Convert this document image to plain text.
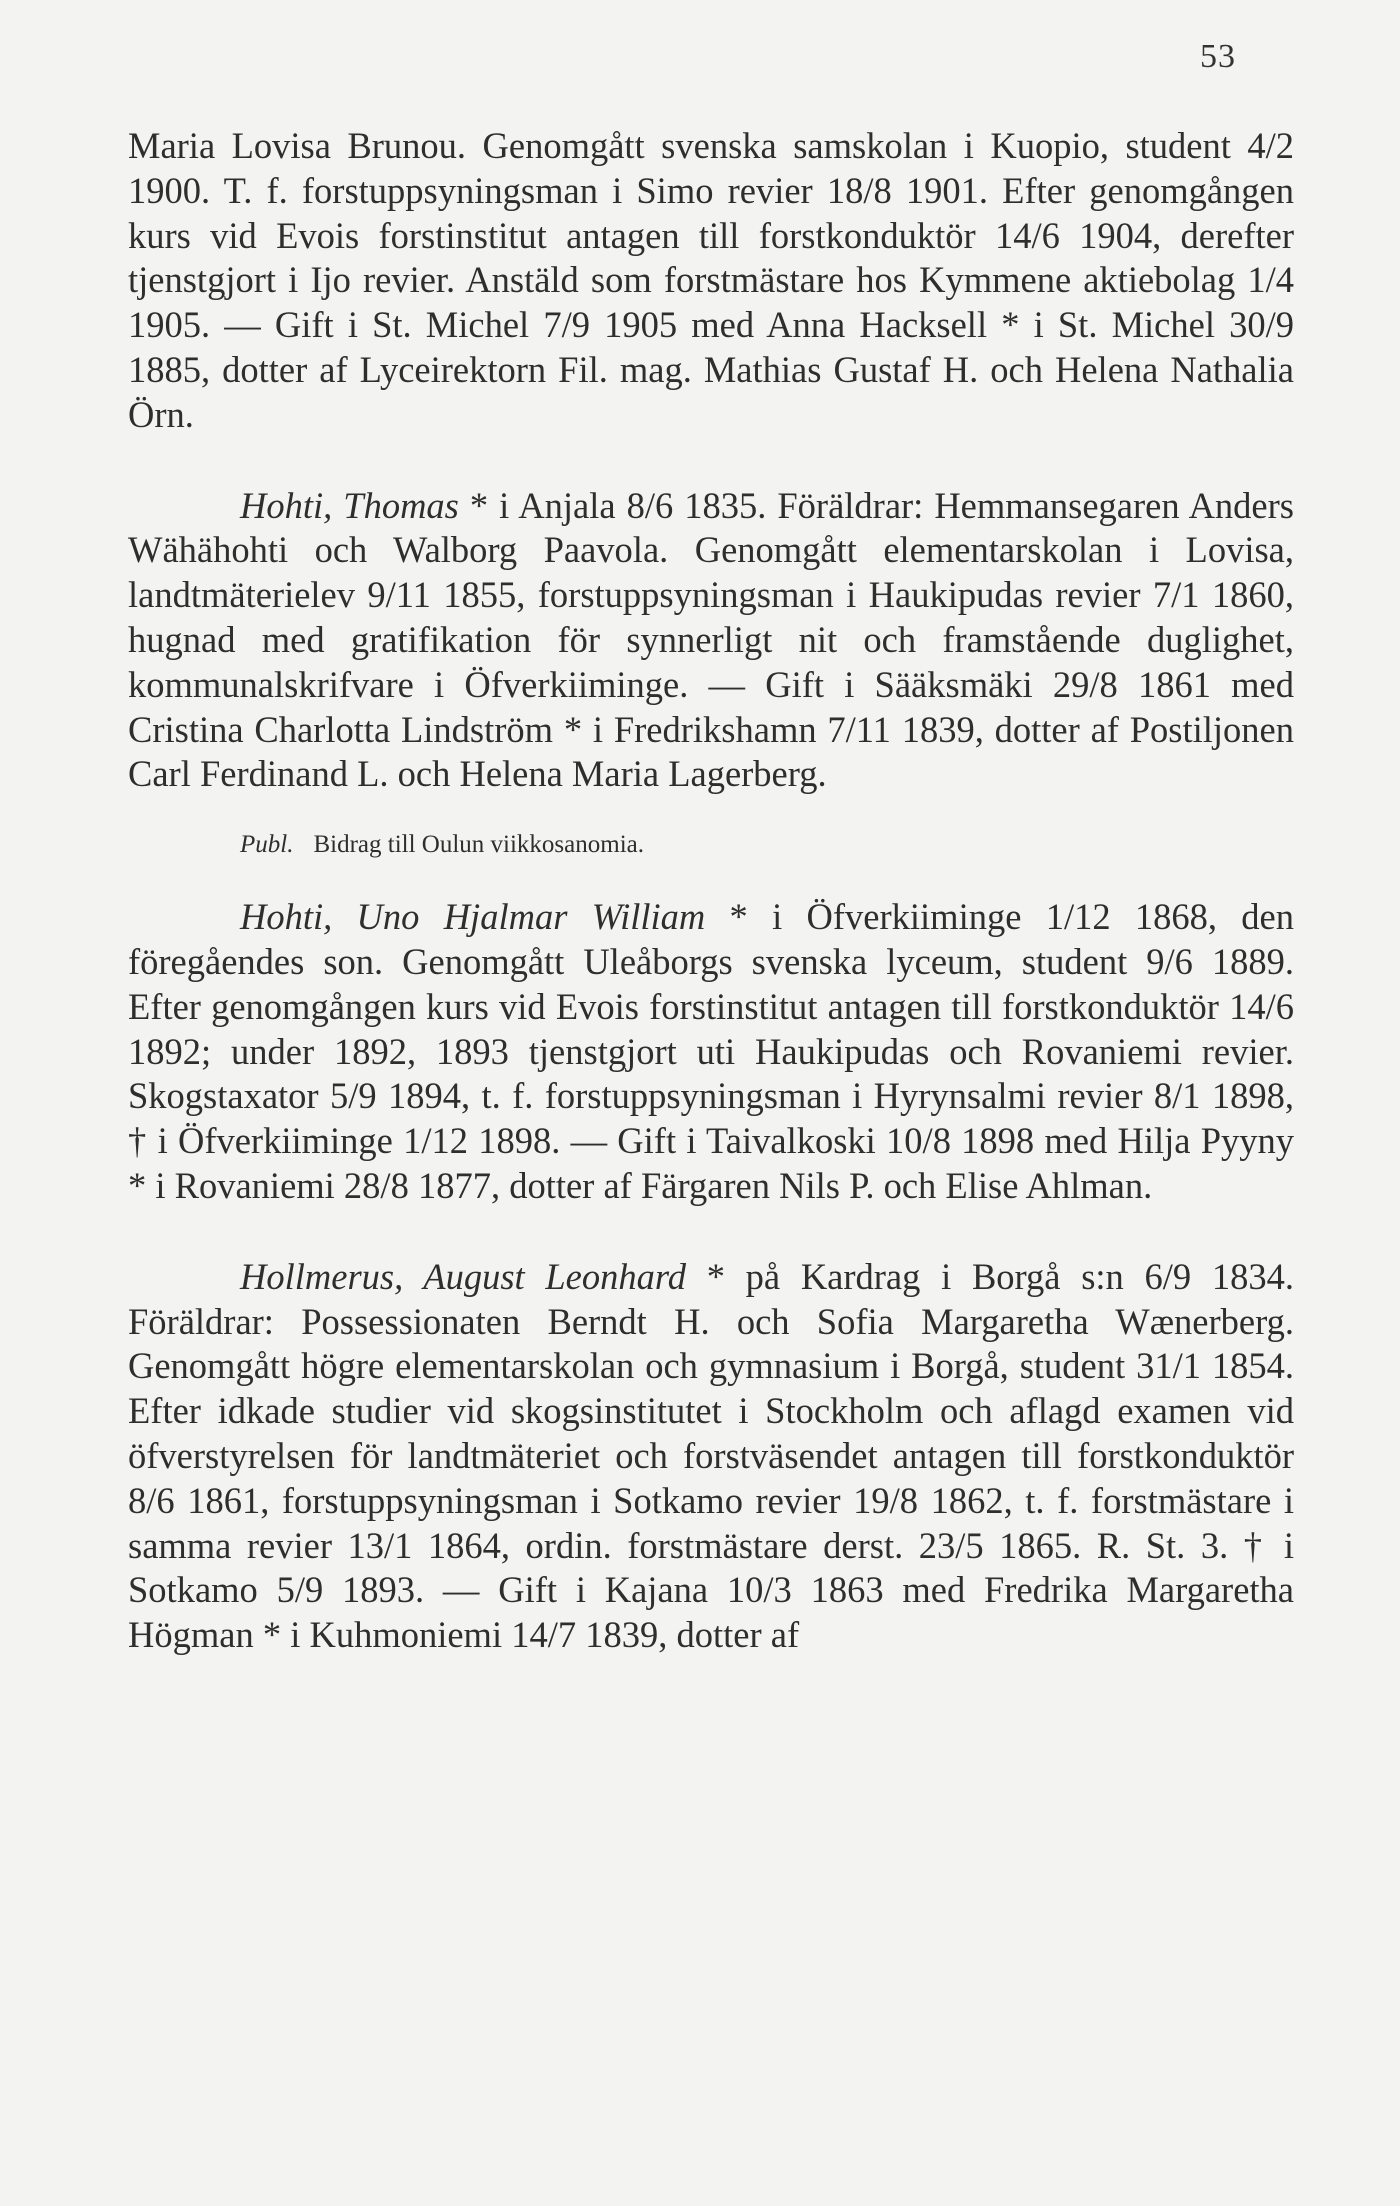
53

Maria Lovisa Brunou. Genomgått svenska samskolan i Kuopio, student 4/2 1900. T. f. forstuppsyningsman i Simo revier 18/8 1901. Efter genomgången kurs vid Evois forstinstitut antagen till forstkonduktör 14/6 1904, derefter tjenstgjort i Ijo revier. Anstäld som forstmästare hos Kymmene aktiebolag 1/4 1905. — Gift i St. Michel 7/9 1905 med Anna Hacksell * i St. Michel 30/9 1885, dotter af Lyceirektorn Fil. mag. Mathias Gustaf H. och Helena Nathalia Örn.

Hohti, Thomas * i Anjala 8/6 1835. Föräldrar: Hemmansegaren Anders Wähähohti och Walborg Paavola. Genomgått elementarskolan i Lovisa, landtmäterielev 9/11 1855, forstuppsyningsman i Haukipudas revier 7/1 1860, hugnad med gratifikation för synnerligt nit och framstående duglighet, kommunalskrifvare i Öfverkiiminge. — Gift i Sääksmäki 29/8 1861 med Cristina Charlotta Lindström * i Fredrikshamn 7/11 1839, dotter af Postiljonen Carl Ferdinand L. och Helena Maria Lagerberg.

Publ. Bidrag till Oulun viikkosanomia.

Hohti, Uno Hjalmar William * i Öfverkiiminge 1/12 1868, den föregåendes son. Genomgått Uleåborgs svenska lyceum, student 9/6 1889. Efter genomgången kurs vid Evois forstinstitut antagen till forstkonduktör 14/6 1892; under 1892, 1893 tjenstgjort uti Haukipudas och Rovaniemi revier. Skogstaxator 5/9 1894, t. f. forstuppsyningsman i Hyrynsalmi revier 8/1 1898, † i Öfverkiiminge 1/12 1898. — Gift i Taivalkoski 10/8 1898 med Hilja Pyyny * i Rovaniemi 28/8 1877, dotter af Färgaren Nils P. och Elise Ahlman.

Hollmerus, August Leonhard * på Kardrag i Borgå s:n 6/9 1834. Föräldrar: Possessionaten Berndt H. och Sofia Margaretha Wænerberg. Genomgått högre elementarskolan och gymnasium i Borgå, student 31/1 1854. Efter idkade studier vid skogsinstitutet i Stockholm och aflagd examen vid öfverstyrelsen för landtmäteriet och forstväsendet antagen till forstkonduktör 8/6 1861, forstuppsyningsman i Sotkamo revier 19/8 1862, t. f. forstmästare i samma revier 13/1 1864, ordin. forstmästare derst. 23/5 1865. R. St. 3. † i Sotkamo 5/9 1893. — Gift i Kajana 10/3 1863 med Fredrika Margaretha Högman * i Kuhmoniemi 14/7 1839, dotter af
